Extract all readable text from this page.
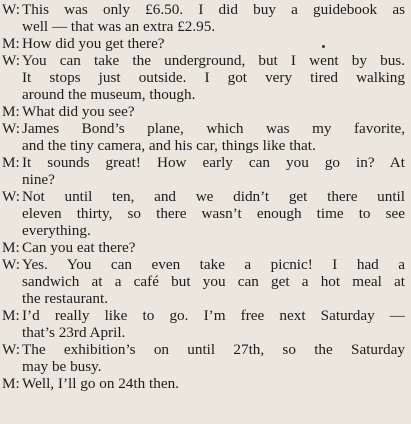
W: This was only £6.50. I did buy a guidebook as
well — that was an extra £2.95.
M: How did you get there?
W: You can take the underground, but I went by bus.
It stops just outside. I got very tired walking
around the museum, though.
M: What did you see?
W: James Bond’s plane, which was my favorite,
and the tiny camera, and his car, things like that.
M: It sounds great! How early can you go in? At
nine?
W: Not until ten, and we didn’t get there until
eleven thirty, so there wasn’t enough time to see
everything.
M: Can you eat there?
W: Yes. You can even take a picnic! I had a
sandwich at a café but you can get a hot meal at
the restaurant.
M: I’d really like to go. I’m free next Saturday —
that’s 23rd April.
W: The exhibition’s on until 27th, so the Saturday
may be busy.
M: Well, I’ll go on 24th then.
